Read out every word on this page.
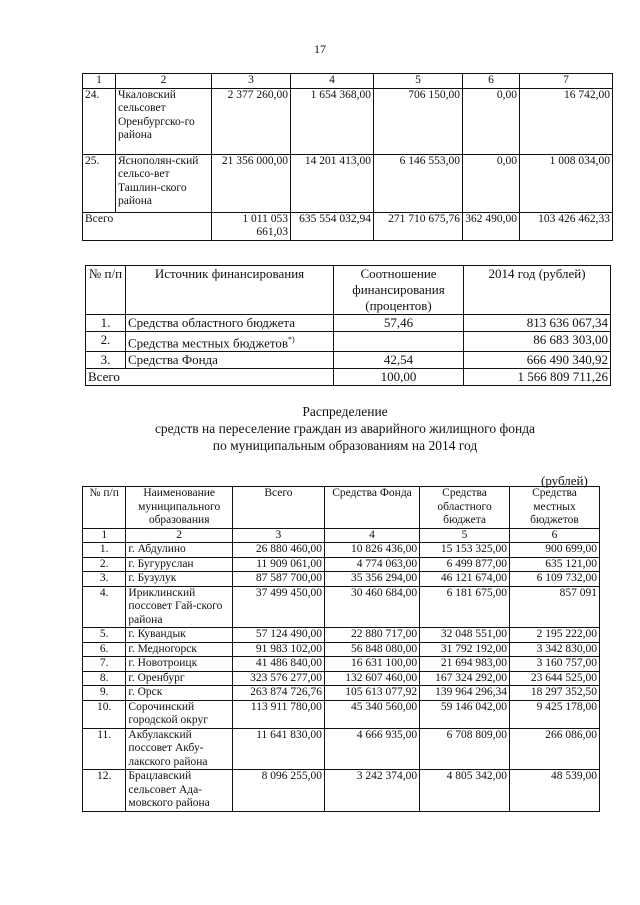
17
1	2	3	4	5	6	7
24.	Чкаловский сельсовет Оренбургско-го района	2 377 260,00	1 654 368,00	706 150,00	0,00	16 742,00
25.	Яснополян-ский сельсо-вет Ташлин-ского района	21 356 000,00	14 201 413,00	6 146 553,00	0,00	1 008 034,00
Всего		1 011 053 661,03	635 554 032,94	271 710 675,76	362 490,00	103 426 462,33
№ п/п	Источник финансирования	Соотношение финансирования (процентов)	2014 год (рублей)
1.	Средства областного бюджета	57,46	813 636 067,34
2.	Средства местных бюджетов*)		86 683 303,00
3.	Средства Фонда	42,54	666 490 340,92
Всего		100,00	1 566 809 711,26
Распределение
средств на переселение граждан из аварийного жилищного фонда
по муниципальным образованиям на 2014 год
(рублей)
№ п/п	Наименование муниципального образования	Всего	Средства Фонда	Средства областного бюджета	Средства местных бюджетов
1	2	3	4	5	6
1.	г. Абдулино	26 880 460,00	10 826 436,00	15 153 325,00	900 699,00
2.	г. Бугуруслан	11 909 061,00	4 774 063,00	6 499 877,00	635 121,00
3.	г. Бузулук	87 587 700,00	35 356 294,00	46 121 674,00	6 109 732,00
4.	Ириклинский поссовет Гай-ского района	37 499 450,00	30 460 684,00	6 181 675,00	857 091
5.	г. Кувандык	57 124 490,00	22 880 717,00	32 048 551,00	2 195 222,00
6.	г. Медногорск	91 983 102,00	56 848 080,00	31 792 192,00	3 342 830,00
7.	г. Новотроицк	41 486 840,00	16 631 100,00	21 694 983,00	3 160 757,00
8.	г. Оренбург	323 576 277,00	132 607 460,00	167 324 292,00	23 644 525,00
9.	г. Орск	263 874 726,76	105 613 077,92	139 964 296,34	18 297 352,50
10.	Сорочинский городской округ	113 911 780,00	45 340 560,00	59 146 042,00	9 425 178,00
11.	Акбулакский поссовет Акбу-лакского района	11 641 830,00	4 666 935,00	6 708 809,00	266 086,00
12.	Брацлавский сельсовет Ада-мовского района	8 096 255,00	3 242 374,00	4 805 342,00	48 539,00
